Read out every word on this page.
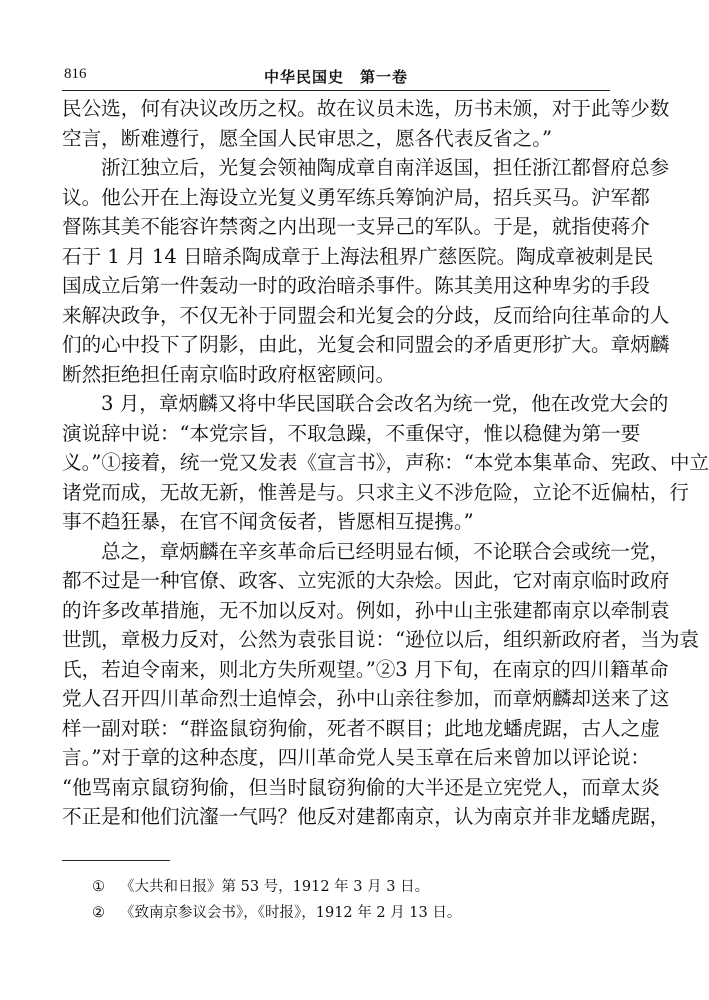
816	中华民国史　第一卷
民公选，何有决议改历之权。故在议员未选，历书未颁，对于此等少数
空言，断难遵行，愿全国人民审思之，愿各代表反省之。”
浙江独立后，光复会领袖陶成章自南洋返国，担任浙江都督府总参
议。他公开在上海设立光复义勇军练兵筹饷沪局，招兵买马。沪军都
督陈其美不能容许禁脔之内出现一支异己的军队。于是，就指使蒋介
石于 1 月 14 日暗杀陶成章于上海法租界广慈医院。陶成章被刺是民
国成立后第一件轰动一时的政治暗杀事件。陈其美用这种卑劣的手段
来解决政争，不仅无补于同盟会和光复会的分歧，反而给向往革命的人
们的心中投下了阴影，由此，光复会和同盟会的矛盾更形扩大。章炳麟
断然拒绝担任南京临时政府枢密顾问。
3 月，章炳麟又将中华民国联合会改名为统一党，他在改党大会的
演说辞中说：“本党宗旨，不取急躁，不重保守，惟以稳健为第一要
义。”①接着，统一党又发表《宣言书》，声称：“本党本集革命、宪政、中立
诸党而成，无故无新，惟善是与。只求主义不涉危险，立论不近偏枯，行
事不趋狂暴，在官不闻贪佞者，皆愿相互提携。”
总之，章炳麟在辛亥革命后已经明显右倾，不论联合会或统一党，
都不过是一种官僚、政客、立宪派的大杂烩。因此，它对南京临时政府
的许多改革措施，无不加以反对。例如，孙中山主张建都南京以牵制袁
世凯，章极力反对，公然为袁张目说：“逊位以后，组织新政府者，当为袁
氏，若迫令南来，则北方失所观望。”②3 月下旬，在南京的四川籍革命
党人召开四川革命烈士追悼会，孙中山亲往参加，而章炳麟却送来了这
样一副对联：“群盗鼠窃狗偷，死者不瞑目；此地龙蟠虎踞，古人之虚
言。”对于章的这种态度，四川革命党人吴玉章在后来曾加以评论说：
“他骂南京鼠窃狗偷，但当时鼠窃狗偷的大半还是立宪党人，而章太炎
不正是和他们沆瀣一气吗？他反对建都南京，认为南京并非龙蟠虎踞，
① 《大共和日报》第 53 号，1912 年 3 月 3 日。
② 《致南京参议会书》，《时报》，1912 年 2 月 13 日。
